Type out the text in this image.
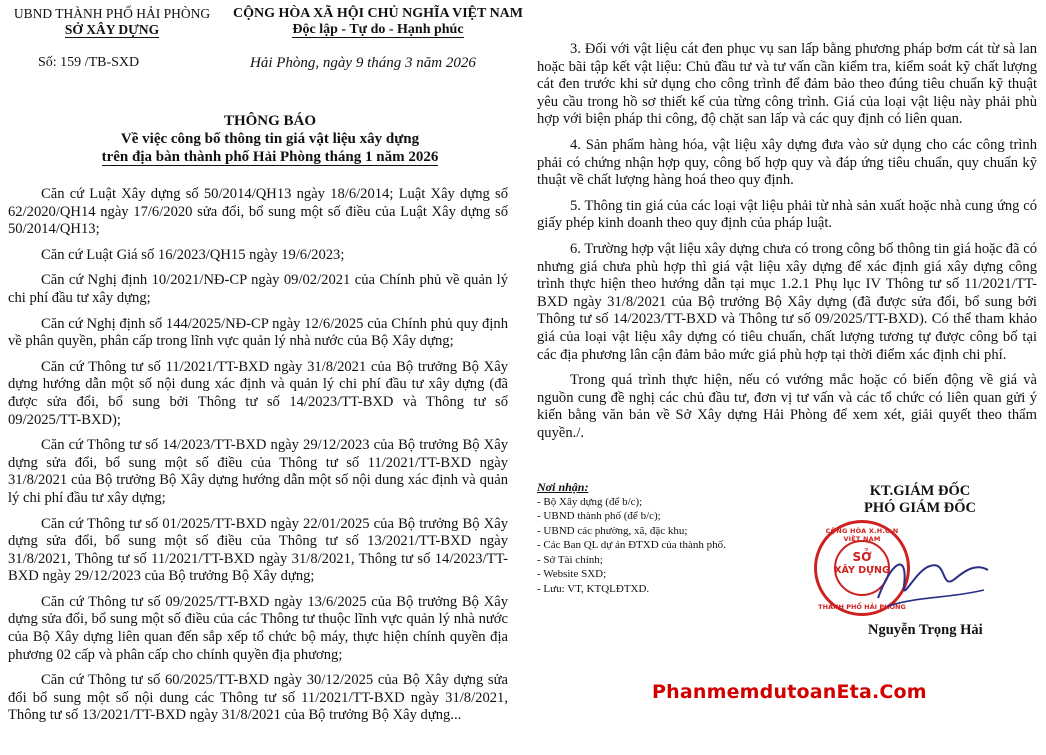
UBND THÀNH PHỐ HẢI PHÒNG
SỞ XÂY DỰNG
Số: 159 /TB-SXD
CỘNG HÒA XÃ HỘI CHỦ NGHĨA VIỆT NAM
Độc lập - Tự do - Hạnh phúc
Hải Phòng, ngày 9 tháng 3 năm 2026
THÔNG BÁO
Về việc công bố thông tin giá vật liệu xây dựng
trên địa bàn thành phố Hải Phòng tháng 1 năm 2026

Căn cứ Luật Xây dựng số 50/2014/QH13 ngày 18/6/2014; Luật Xây dựng số 62/2020/QH14 ngày 17/6/2020 sửa đổi, bổ sung một số điều của Luật Xây dựng số 50/2014/QH13;

Căn cứ Luật Giá số 16/2023/QH15 ngày 19/6/2023;

Căn cứ Nghị định 10/2021/NĐ-CP ngày 09/02/2021 của Chính phủ về quản lý chi phí đầu tư xây dựng;

Căn cứ Nghị định số 144/2025/NĐ-CP ngày 12/6/2025 của Chính phủ quy định về phân quyền, phân cấp trong lĩnh vực quản lý nhà nước của Bộ Xây dựng;

Căn cứ Thông tư số 11/2021/TT-BXD ngày 31/8/2021 của Bộ trưởng Bộ Xây dựng hướng dẫn một số nội dung xác định và quản lý chi phí đầu tư xây dựng (đã được sửa đổi, bổ sung bởi Thông tư số 14/2023/TT-BXD và Thông tư số 09/2025/TT-BXD);

Căn cứ Thông tư số 14/2023/TT-BXD ngày 29/12/2023 của Bộ trưởng Bộ Xây dựng sửa đổi, bổ sung một số điều của Thông tư số 11/2021/TT-BXD ngày 31/8/2021 của Bộ trưởng Bộ Xây dựng hướng dẫn một số nội dung xác định và quản lý chi phí đầu tư xây dựng;

Căn cứ Thông tư số 01/2025/TT-BXD ngày 22/01/2025 của Bộ trưởng Bộ Xây dựng sửa đổi, bổ sung một số điều của Thông tư số 13/2021/TT-BXD ngày 31/8/2021, Thông tư số 11/2021/TT-BXD ngày 31/8/2021, Thông tư số 14/2023/TT-BXD ngày 29/12/2023 của Bộ trưởng Bộ Xây dựng;

Căn cứ Thông tư số 09/2025/TT-BXD ngày 13/6/2025 của Bộ trưởng Bộ Xây dựng sửa đổi, bổ sung một số điều của các Thông tư thuộc lĩnh vực quản lý nhà nước của Bộ Xây dựng liên quan đến sắp xếp tổ chức bộ máy, thực hiện chính quyền địa phương 02 cấp và phân cấp cho chính quyền địa phương;

Căn cứ Thông tư số 60/2025/TT-BXD ngày 30/12/2025 của Bộ Xây dựng sửa đổi bổ sung một số nội dung các Thông tư số 11/2021/TT-BXD ngày 31/8/2021, Thông tư số 13/2021/TT-BXD ngày 31/8/2021 của Bộ trưởng Bộ Xây dựng...

3. Đối với vật liệu cát đen phục vụ san lấp bằng phương pháp bơm cát từ sà lan hoặc bãi tập kết vật liệu: Chủ đầu tư và tư vấn cần kiểm tra, kiểm soát kỹ chất lượng cát đen trước khi sử dụng cho công trình để đảm bảo theo đúng tiêu chuẩn kỹ thuật yêu cầu trong hồ sơ thiết kế của từng công trình. Giá của loại vật liệu này phải phù hợp với biện pháp thi công, độ chặt san lấp và các quy định có liên quan.

4. Sản phẩm hàng hóa, vật liệu xây dựng đưa vào sử dụng cho các công trình phải có chứng nhận hợp quy, công bố hợp quy và đáp ứng tiêu chuẩn, quy chuẩn kỹ thuật về chất lượng hàng hoá theo quy định.

5. Thông tin giá của các loại vật liệu phải từ nhà sản xuất hoặc nhà cung ứng có giấy phép kinh doanh theo quy định của pháp luật.

6. Trường hợp vật liệu xây dựng chưa có trong công bố thông tin giá hoặc đã có nhưng giá chưa phù hợp thì giá vật liệu xây dựng để xác định giá xây dựng công trình thực hiện theo hướng dẫn tại mục 1.2.1 Phụ lục IV Thông tư số 11/2021/TT-BXD ngày 31/8/2021 của Bộ trưởng Bộ Xây dựng (đã được sửa đổi, bổ sung bởi Thông tư số 14/2023/TT-BXD và Thông tư số 09/2025/TT-BXD). Có thể tham khảo giá của loại vật liệu xây dựng có tiêu chuẩn, chất lượng tương tự được công bố tại các địa phương lân cận đảm bảo mức giá phù hợp tại thời điểm xác định chi phí.

Trong quá trình thực hiện, nếu có vướng mắc hoặc có biến động về giá và nguồn cung đề nghị các chủ đầu tư, đơn vị tư vấn và các tổ chức có liên quan gửi ý kiến bằng văn bản về Sở Xây dựng Hải Phòng để xem xét, giải quyết theo thẩm quyền./.

Nơi nhận:
- Bộ Xây dựng (để b/c);
- UBND thành phố (để b/c);
- UBND các phường, xã, đặc khu;
- Các Ban QL dự án ĐTXD của thành phố.
- Sở Tài chính;
- Website SXD;
- Lưu: VT, KTQLĐTXD.
KT.GIÁM ĐỐC
PHÓ GIÁM ĐỐC
CỘNG HÒA X.H.C.N VIỆT NAM
SỞ
XÂY DỰNG
THÀNH PHỐ HẢI PHÒNG
Nguyễn Trọng Hải
PhanmemdutoanEta.Com
